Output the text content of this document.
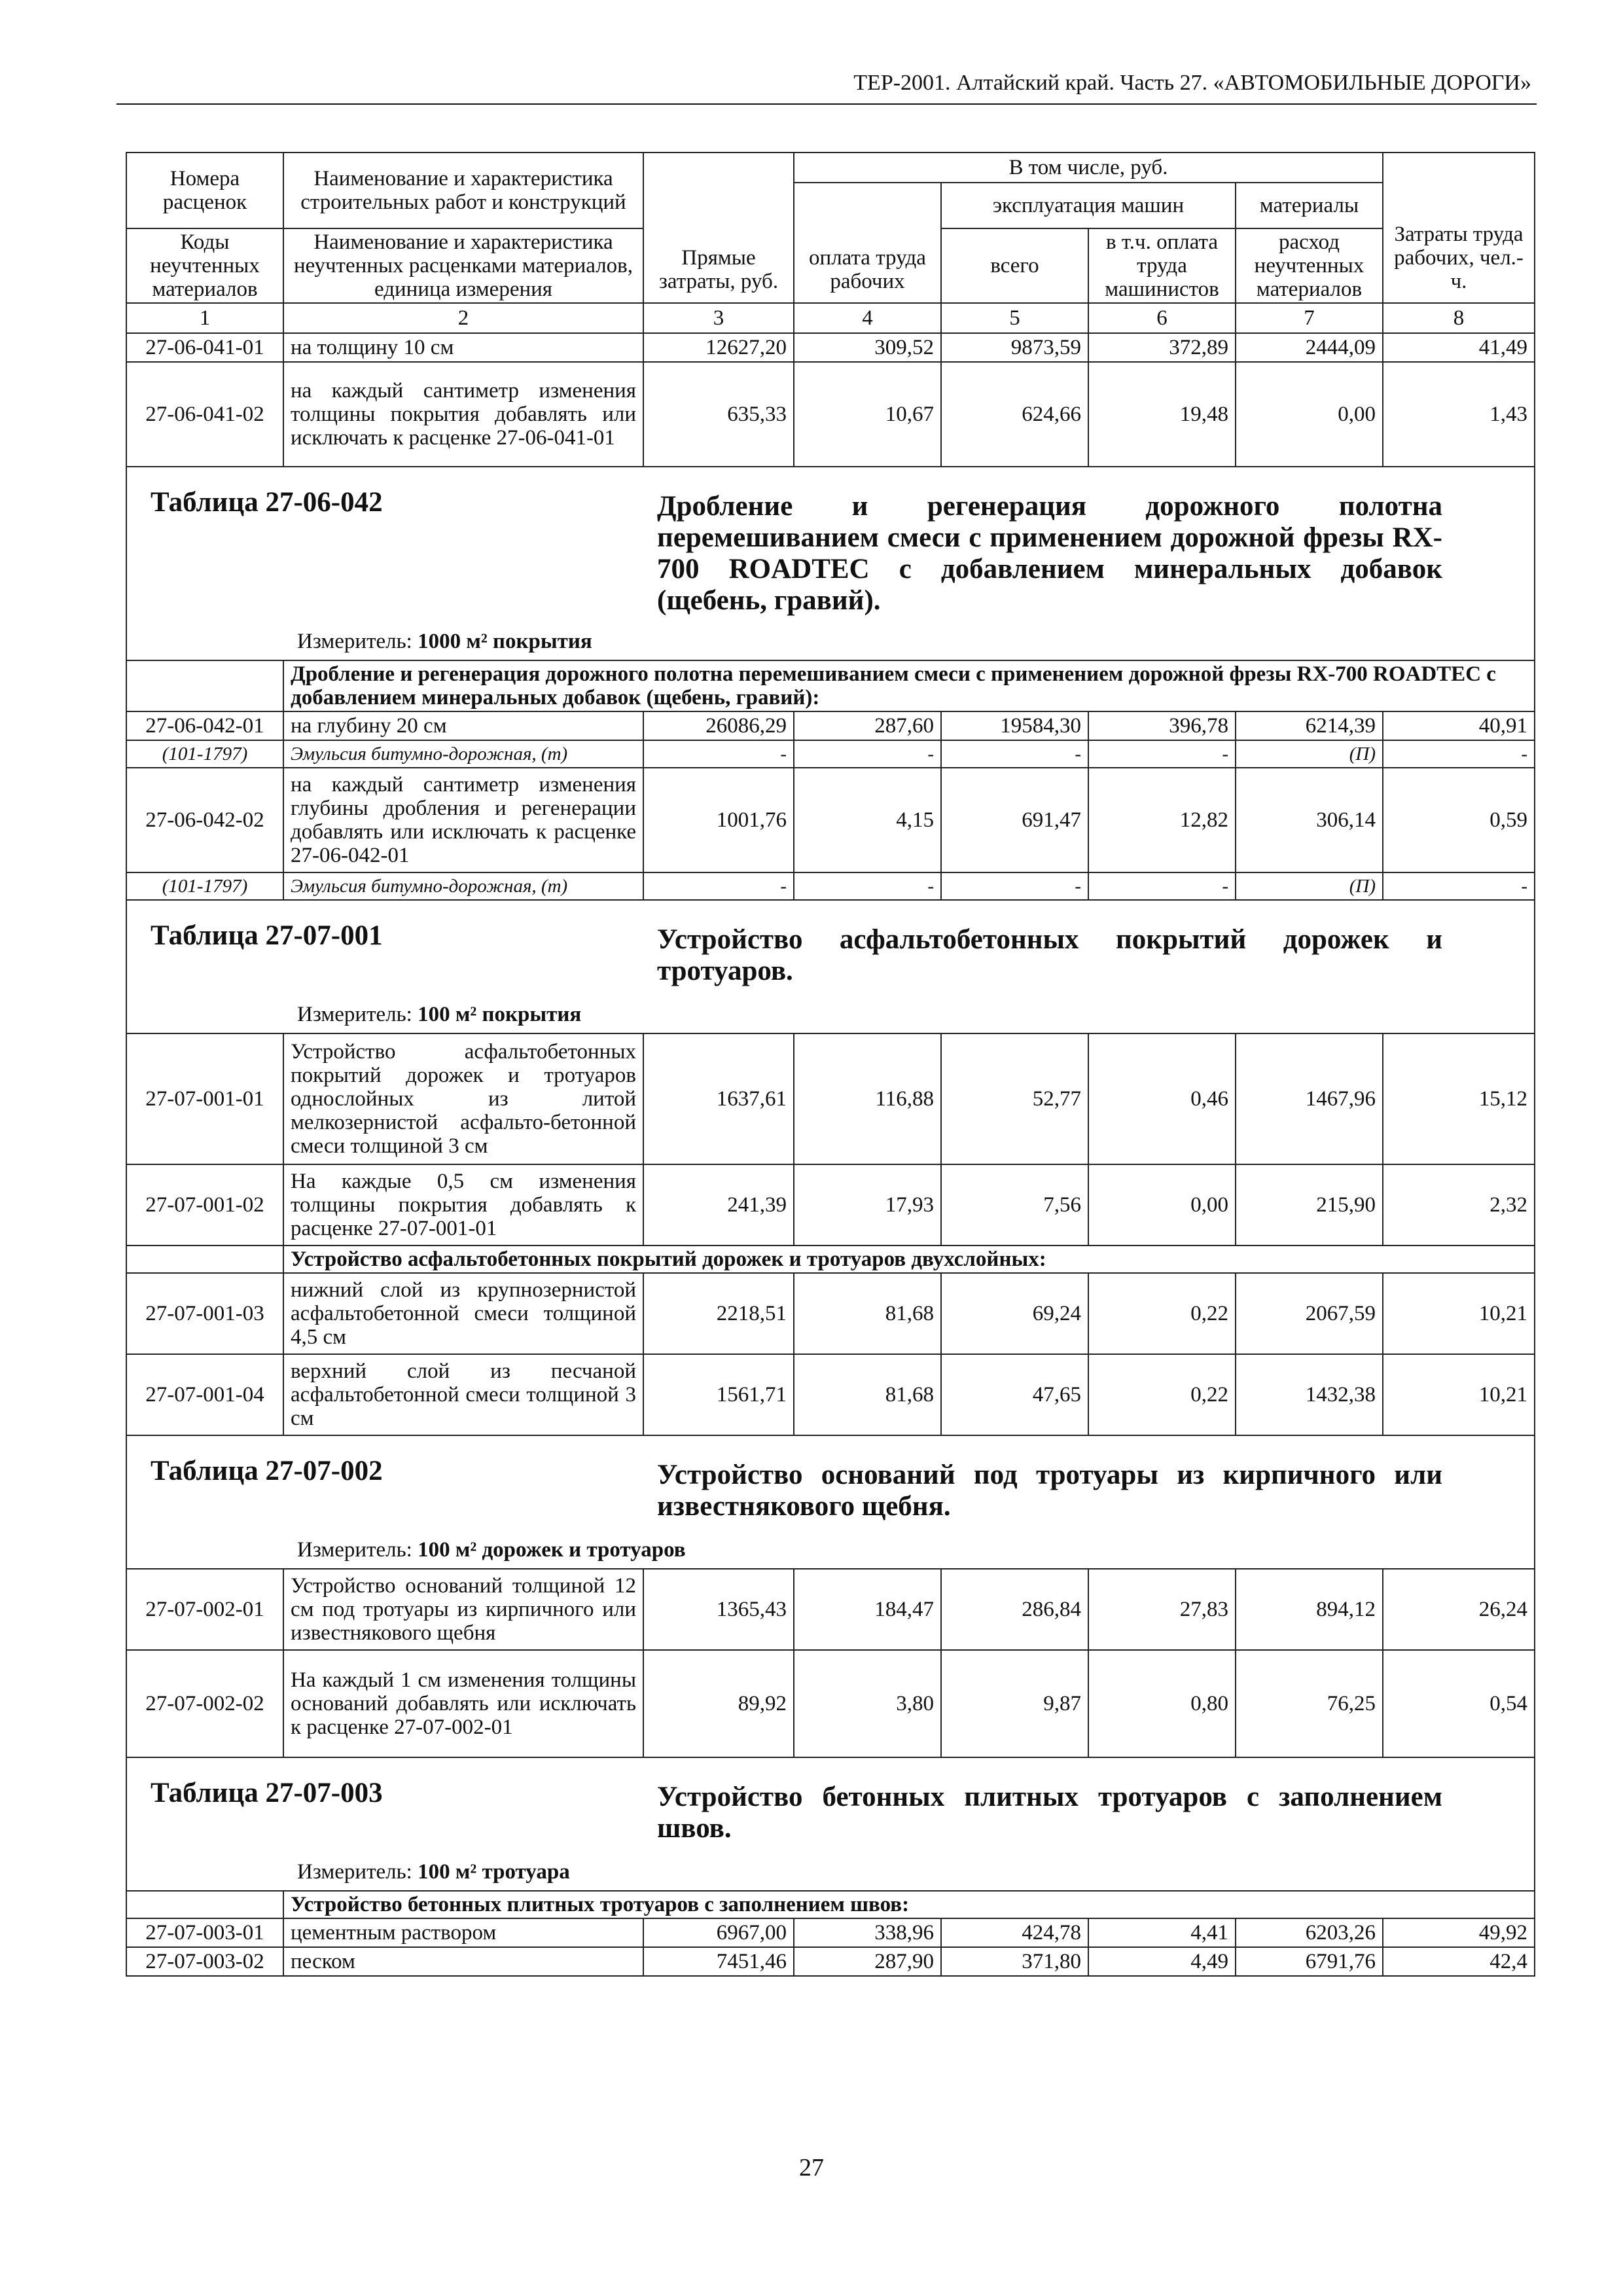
ТЕР-2001. Алтайский край. Часть 27. «АВТОМОБИЛЬНЫЕ ДОРОГИ»
Номера расценок	Наименование и характеристика строительных работ и конструкций	Прямые затраты, руб.	В том числе, руб.				Затраты труда рабочих, чел.-ч.
			оплата труда рабочих	эксплуатация машин		материалы	
Коды неучтенных материалов	Наименование и характеристика неучтенных расценками материалов, единица измерения			всего	в т.ч. оплата труда машинистов	расход неучтенных материалов	

1	2	3	4	5	6	7	8
27-06-041-01	на толщину 10 см	12627,20	309,52	9873,59	372,89	2444,09	41,49
27-06-041-02	на каждый сантиметр изменения толщины покрытия добавлять или исключать к расценке 27-06-041-01	635,33	10,67	624,66	19,48	0,00	1,43

Таблица 27-06-042 Дробление и регенерация дорожного полотна перемешиванием смеси с применением дорожной фрезы RX-700 ROADTEC с добавлением минеральных добавок (щебень, гравий).
Измеритель: 1000 м² покрытия							

	Дробление и регенерация дорожного полотна перемешиванием смеси с применением дорожной фрезы RX-700 ROADTEC с добавлением минеральных добавок (щебень, гравий):						
27-06-042-01	на глубину 20 см	26086,29	287,60	19584,30	396,78	6214,39	40,91
(101-1797)	Эмульсия битумно-дорожная, (т)	-	-	-	-	(П)	-
27-06-042-02	на каждый сантиметр изменения глубины дробления и регенерации добавлять или исключать к расценке 27-06-042-01	1001,76	4,15	691,47	12,82	306,14	0,59
(101-1797)	Эмульсия битумно-дорожная, (т)	-	-	-	-	(П)	-

Таблица 27-07-001 Устройство асфальтобетонных покрытий дорожек и тротуаров.
Измеритель: 100 м² покрытия							

27-07-001-01	Устройство асфальтобетонных покрытий дорожек и тротуаров однослойных из литой мелкозернистой асфальто-бетонной смеси толщиной 3 см	1637,61	116,88	52,77	0,46	1467,96	15,12
27-07-001-02	На каждые 0,5 см изменения толщины покрытия добавлять к расценке 27-07-001-01	241,39	17,93	7,56	0,00	215,90	2,32
	Устройство асфальтобетонных покрытий дорожек и тротуаров двухслойных:						
27-07-001-03	нижний слой из крупнозернистой асфальтобетонной смеси толщиной 4,5 см	2218,51	81,68	69,24	0,22	2067,59	10,21
27-07-001-04	верхний слой из песчаной асфальтобетонной смеси толщиной 3 см	1561,71	81,68	47,65	0,22	1432,38	10,21

Таблица 27-07-002 Устройство оснований под тротуары из кирпичного или известнякового щебня.
Измеритель: 100 м² дорожек и тротуаров							

27-07-002-01	Устройство оснований толщиной 12 см под тротуары из кирпичного или известнякового щебня	1365,43	184,47	286,84	27,83	894,12	26,24
27-07-002-02	На каждый 1 см изменения толщины оснований добавлять или исключать к расценке 27-07-002-01	89,92	3,80	9,87	0,80	76,25	0,54

Таблица 27-07-003 Устройство бетонных плитных тротуаров с заполнением швов.
Измеритель: 100 м² тротуара							

	Устройство бетонных плитных тротуаров с заполнением швов:						
27-07-003-01	цементным раствором	6967,00	338,96	424,78	4,41	6203,26	49,92
27-07-003-02	песком	7451,46	287,90	371,80	4,49	6791,76	42,4
27
